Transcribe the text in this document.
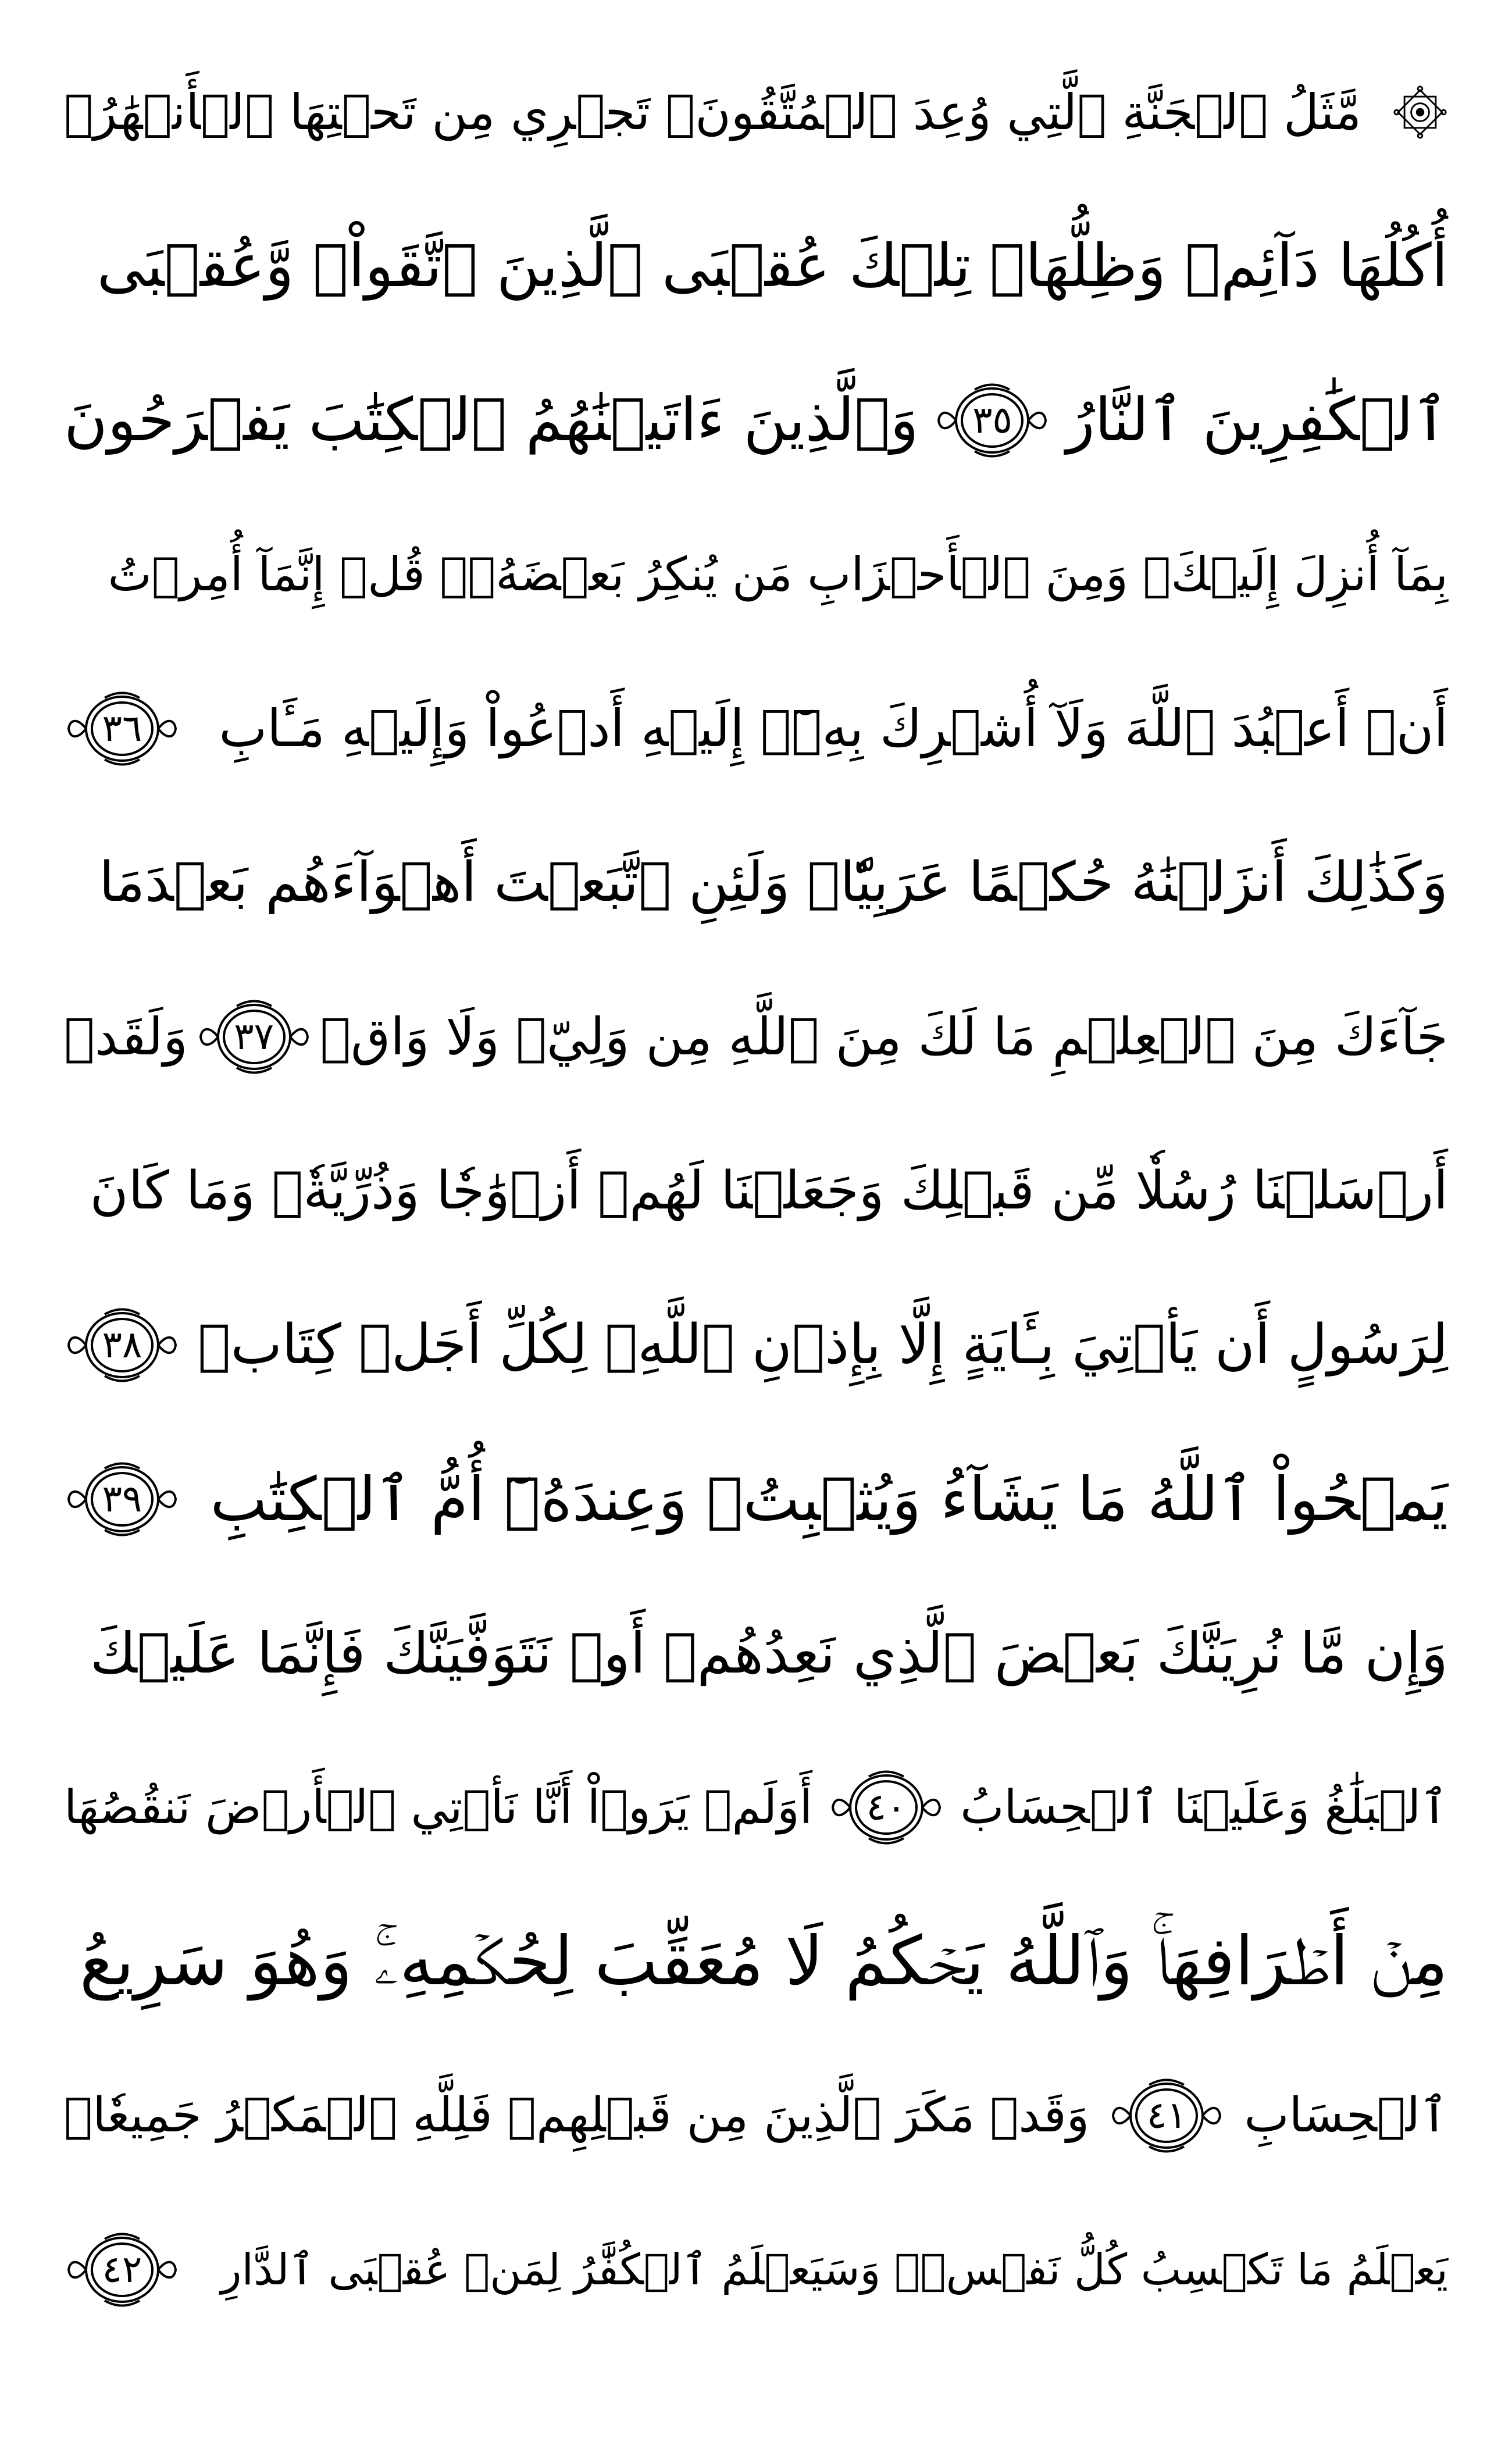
مَّثَلُ ٱلۡجَنَّةِ ٱلَّتِي وُعِدَ ٱلۡمُتَّقُونَۖ تَجۡرِي مِن تَحۡتِهَا ٱلۡأَنۡهَٰرُۖ
أُكُلُهَا دَآئِمٞ وَظِلُّهَاۚ تِلۡكَ عُقۡبَى ٱلَّذِينَ ٱتَّقَواْۖ وَّعُقۡبَى
ٱلۡكَٰفِرِينَ ٱلنَّارُ
٣٥
وَٱلَّذِينَ ءَاتَيۡنَٰهُمُ ٱلۡكِتَٰبَ يَفۡرَحُونَ
بِمَآ أُنزِلَ إِلَيۡكَۖ وَمِنَ ٱلۡأَحۡزَابِ مَن يُنكِرُ بَعۡضَهُۥۚ قُلۡ إِنَّمَآ أُمِرۡتُ
أَنۡ أَعۡبُدَ ٱللَّهَ وَلَآ أُشۡرِكَ بِهِۦٓۚ إِلَيۡهِ أَدۡعُواْ وَإِلَيۡهِ مَـَٔابِ
٣٦
وَكَذَٰلِكَ أَنزَلۡنَٰهُ حُكۡمًا عَرَبِيّٗاۚ وَلَئِنِ ٱتَّبَعۡتَ أَهۡوَآءَهُم بَعۡدَمَا
جَآءَكَ مِنَ ٱلۡعِلۡمِ مَا لَكَ مِنَ ٱللَّهِ مِن وَلِيّٖ وَلَا وَاقٖ
٣٧
وَلَقَدۡ
أَرۡسَلۡنَا رُسُلٗا مِّن قَبۡلِكَ وَجَعَلۡنَا لَهُمۡ أَزۡوَٰجٗا وَذُرِّيَّةٗۚ وَمَا كَانَ
لِرَسُولٍ أَن يَأۡتِيَ بِـَٔايَةٍ إِلَّا بِإِذۡنِ ٱللَّهِۗ لِكُلِّ أَجَلٖ كِتَابٞ
٣٨
يَمۡحُواْ ٱللَّهُ مَا يَشَآءُ وَيُثۡبِتُۖ وَعِندَهُۥٓ أُمُّ ٱلۡكِتَٰبِ
٣٩
وَإِن مَّا نُرِيَنَّكَ بَعۡضَ ٱلَّذِي نَعِدُهُمۡ أَوۡ نَتَوَفَّيَنَّكَ فَإِنَّمَا عَلَيۡكَ
ٱلۡبَلَٰغُ وَعَلَيۡنَا ٱلۡحِسَابُ
٤٠
أَوَلَمۡ يَرَوۡاْ أَنَّا نَأۡتِي ٱلۡأَرۡضَ نَنقُصُهَا
مِنۡ أَطۡرَافِهَاۚ وَٱللَّهُ يَحۡكُمُ لَا مُعَقِّبَ لِحُكۡمِهِۦۚ وَهُوَ سَرِيعُ
ٱلۡحِسَابِ
٤١
وَقَدۡ مَكَرَ ٱلَّذِينَ مِن قَبۡلِهِمۡ فَلِلَّهِ ٱلۡمَكۡرُ جَمِيعٗاۖ
يَعۡلَمُ مَا تَكۡسِبُ كُلُّ نَفۡسٖۗ وَسَيَعۡلَمُ ٱلۡكُفَّٰرُ لِمَنۡ عُقۡبَى ٱلدَّارِ
٤٢
